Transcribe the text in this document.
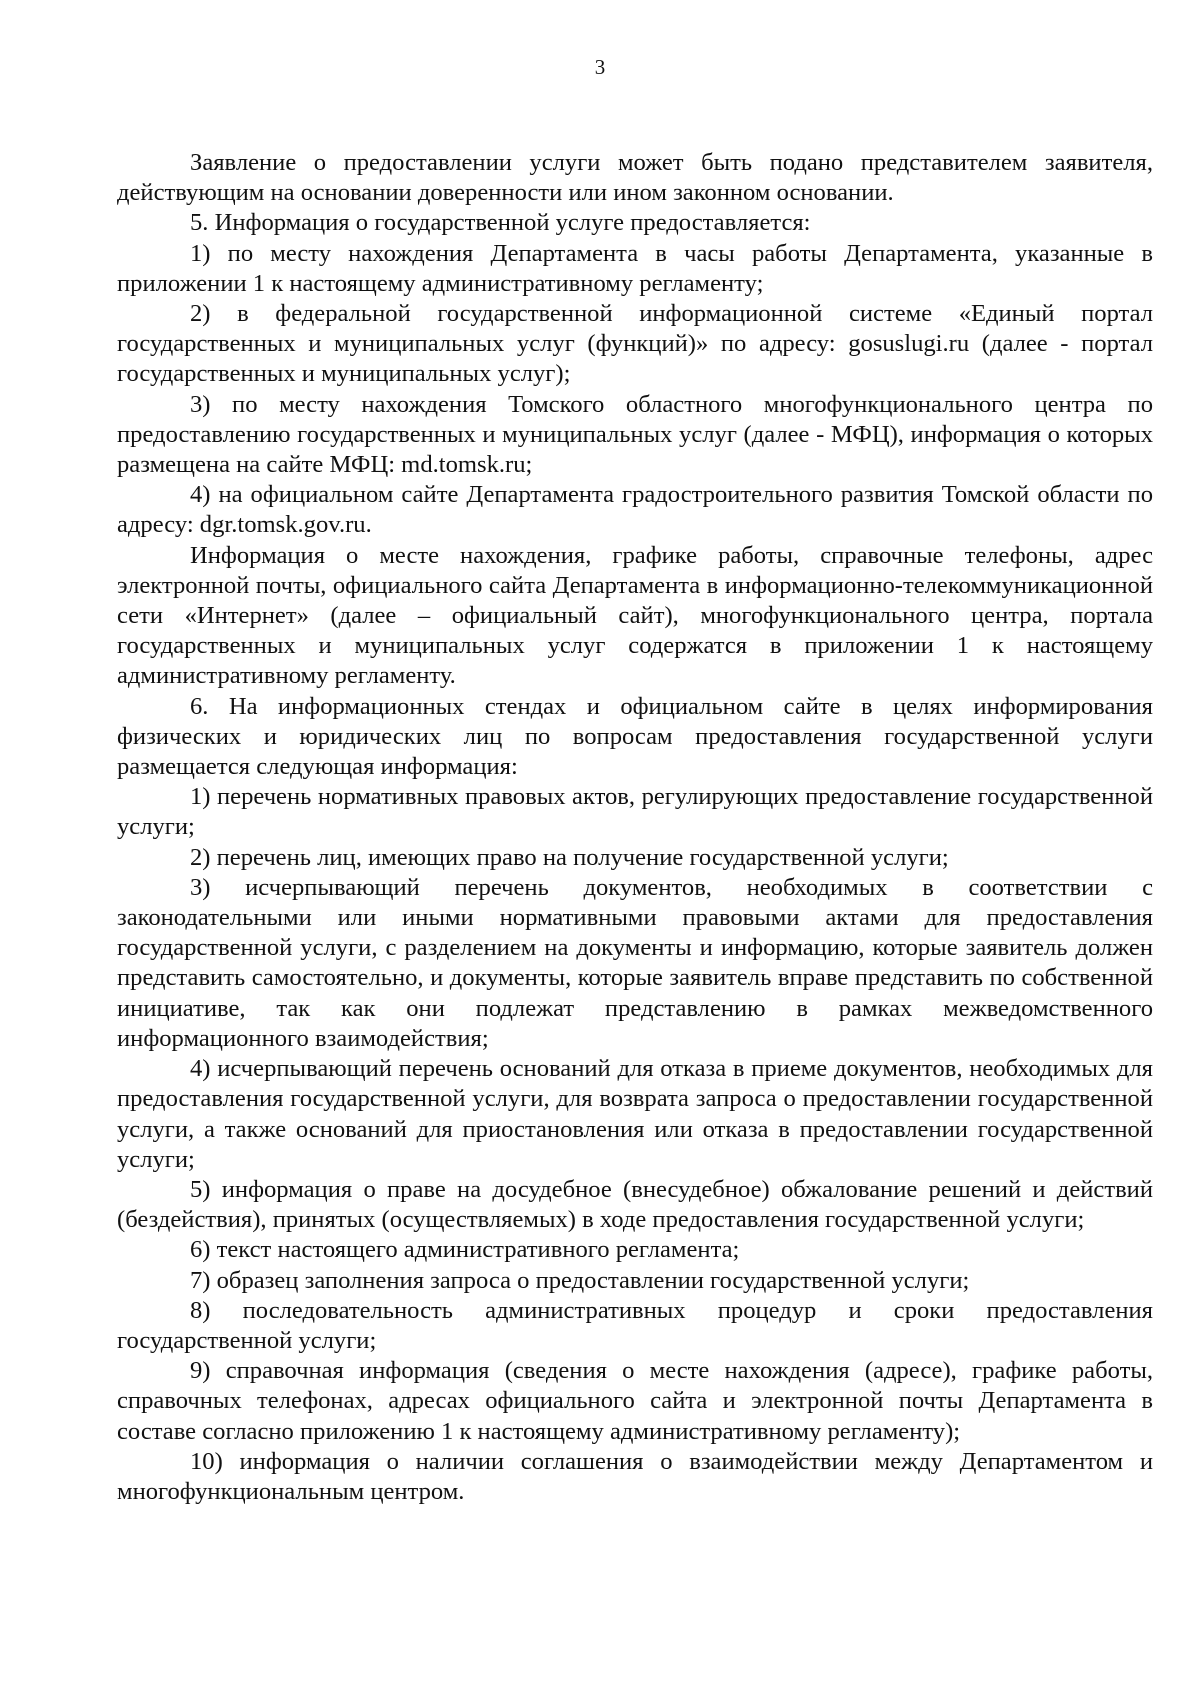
3

Заявление о предоставлении услуги может быть подано представителем заявителя, действующим на основании доверенности или ином законном основании.

5. Информация о государственной услуге предоставляется:

1) по месту нахождения Департамента в часы работы Департамента, указанные в приложении 1 к настоящему административному регламенту;

2) в федеральной государственной информационной системе «Единый портал государственных и муниципальных услуг (функций)» по адресу: gosuslugi.ru (далее - портал государственных и муниципальных услуг);

3) по месту нахождения Томского областного многофункционального центра по предоставлению государственных и муниципальных услуг (далее - МФЦ), информация о которых размещена на сайте МФЦ: md.tomsk.ru;

4) на официальном сайте Департамента градостроительного развития Томской области по адресу: dgr.tomsk.gov.ru.

Информация о месте нахождения, графике работы, справочные телефоны, адрес электронной почты, официального сайта Департамента в информационно-телекоммуникационной сети «Интернет» (далее – официальный сайт), многофункционального центра, портала государственных и муниципальных услуг содержатся в приложении 1 к настоящему административному регламенту.

6. На информационных стендах и официальном сайте в целях информирования физических и юридических лиц по вопросам предоставления государственной услуги размещается следующая информация:

1) перечень нормативных правовых актов, регулирующих предоставление государственной услуги;

2) перечень лиц, имеющих право на получение государственной услуги;

3) исчерпывающий перечень документов, необходимых в соответствии с законодательными или иными нормативными правовыми актами для предоставления государственной услуги, с разделением на документы и информацию, которые заявитель должен представить самостоятельно, и документы, которые заявитель вправе представить по собственной инициативе, так как они подлежат представлению в рамках межведомственного информационного взаимодействия;

4) исчерпывающий перечень оснований для отказа в приеме документов, необходимых для предоставления государственной услуги, для возврата запроса о предоставлении государственной услуги, а также оснований для приостановления или отказа в предоставлении государственной услуги;

5) информация о праве на досудебное (внесудебное) обжалование решений и действий (бездействия), принятых (осуществляемых) в ходе предоставления государственной услуги;

6) текст настоящего административного регламента;

7) образец заполнения запроса о предоставлении государственной услуги;

8) последовательность административных процедур и сроки предоставления государственной услуги;

9) справочная информация (сведения о месте нахождения (адресе), графике работы, справочных телефонах, адресах официального сайта и электронной почты Департамента в составе согласно приложению 1 к настоящему административному регламенту);

10) информация о наличии соглашения о взаимодействии между Департаментом и многофункциональным центром.
